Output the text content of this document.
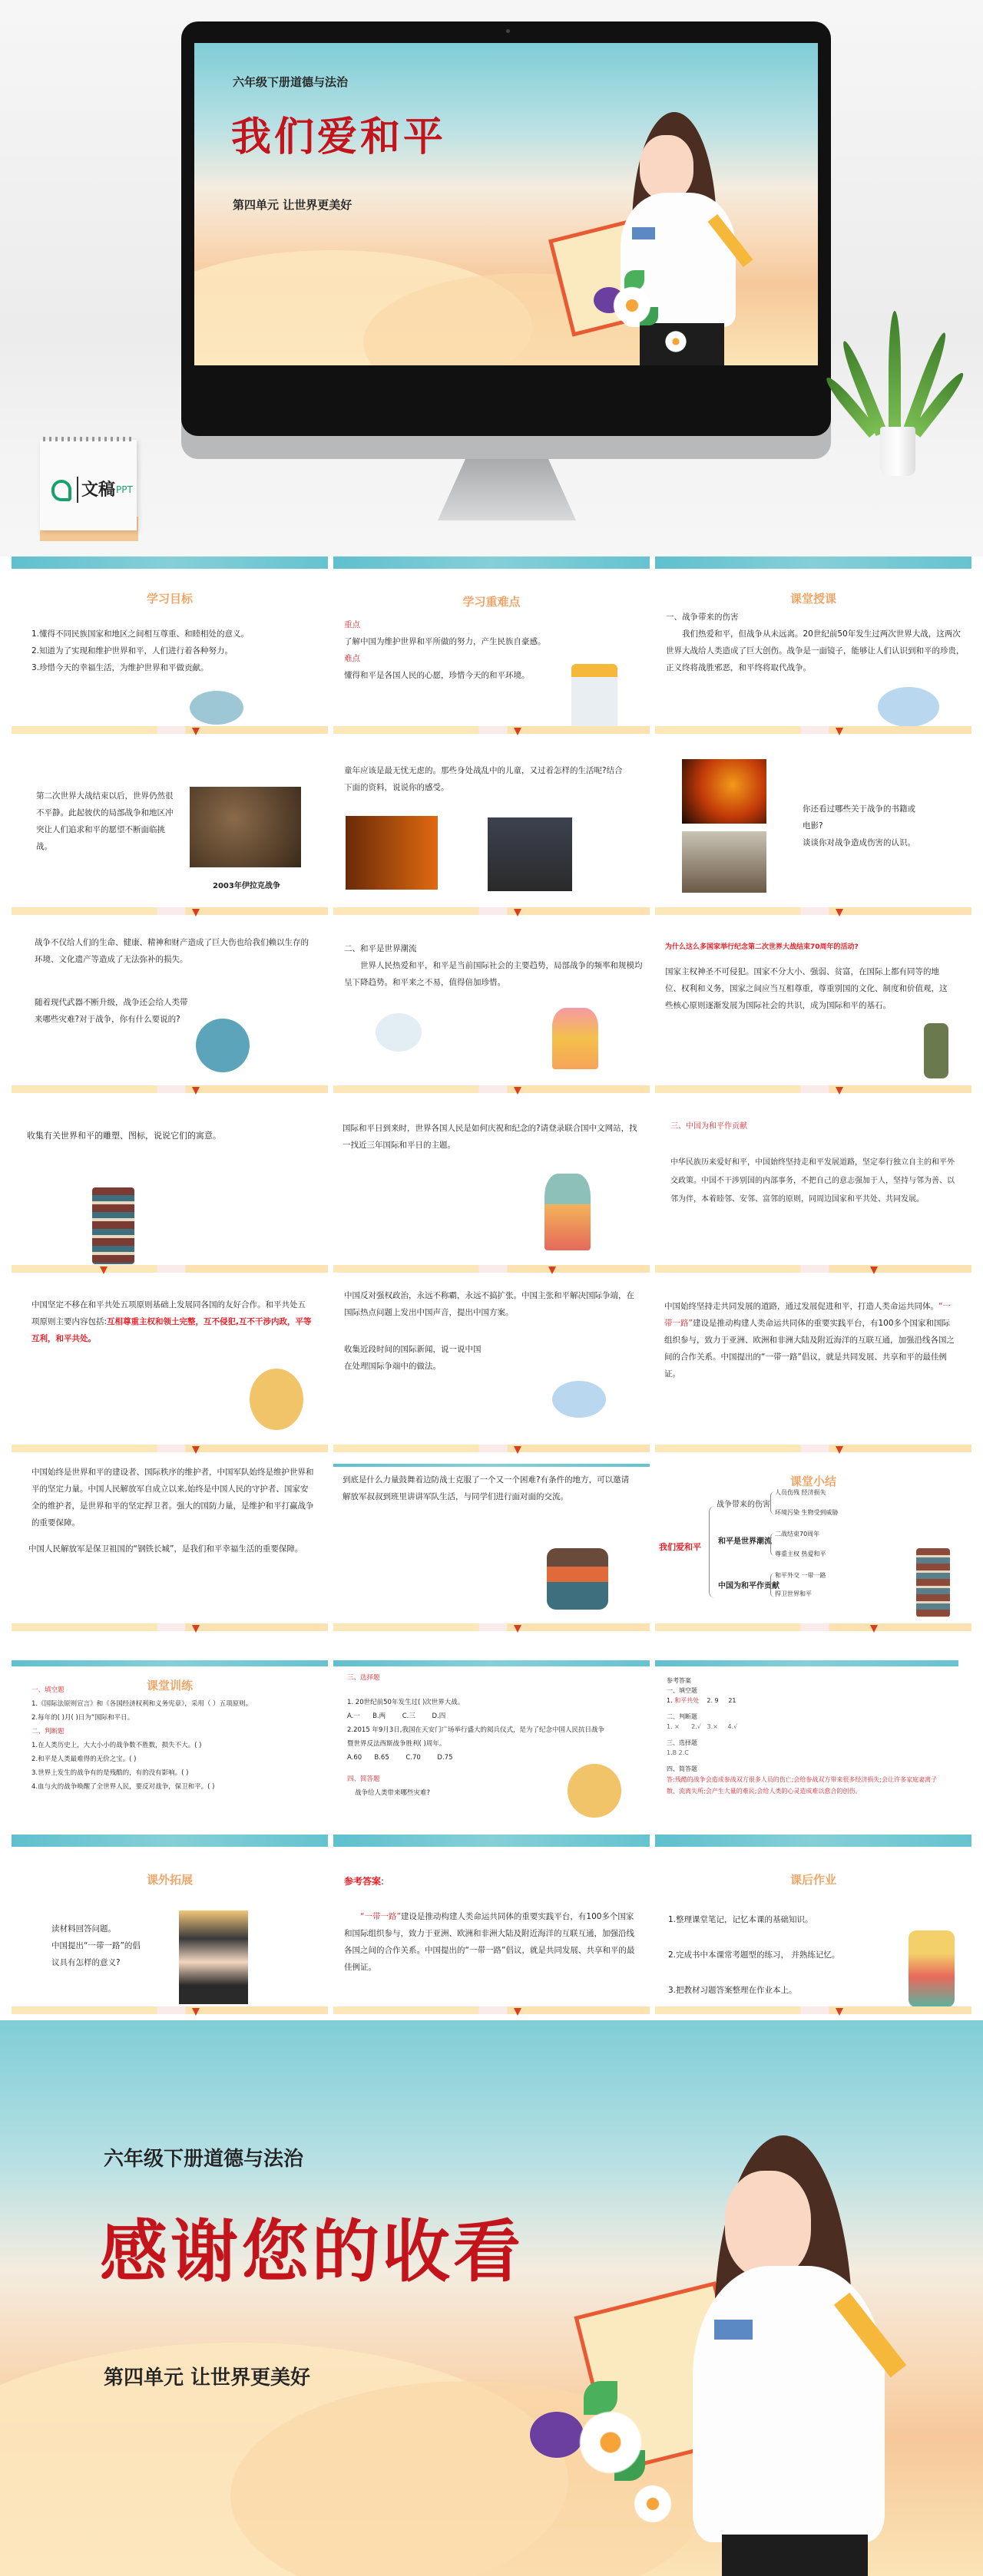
六年级下册道德与法治
我们爱和平
第四单元 让世界更美好
文稿 PPT
学习目标
1.懂得不同民族国家和地区之间相互尊重、和睦相处的意义。
2.知道为了实现和维护世界和平，人们进行着各种努力。
3.珍惜今天的幸福生活，为维护世界和平做贡献。
学习重难点
重点
了解中国为维护世界和平所做的努力，产生民族自豪感。
难点
懂得和平是各国人民的心愿，珍惜今天的和平环境。
课堂授课
一、战争带来的伤害
我们热爱和平，但战争从未远离。20世纪前50年发生过两次世界大战，这两次世界大战给人类造成了巨大创伤。战争是一面镜子，能够让人们认识到和平的珍贵，正义终将战胜邪恶，和平终将取代战争。
第二次世界大战结束以后，世界仍然很不平静。此起彼伏的局部战争和地区冲突让人们追求和平的愿望不断面临挑战。
2003年伊拉克战争
童年应该是最无忧无虑的。那些身处战乱中的儿童，又过着怎样的生活呢?结合下面的资料，说说你的感受。
你还看过哪些关于战争的书籍或电影?
谈谈你对战争造成伤害的认识。
战争不仅给人们的生命、健康、精神和财产造成了巨大伤也给我们赖以生存的环境、文化遗产等造成了无法弥补的损失。
随着现代武器不断升级，战争还会给人类带来哪些灾难?对于战争，你有什么要说的?
二、和平是世界潮流
世界人民热爱和平，和平是当前国际社会的主要趋势，局部战争的频率和规模均呈下降趋势。和平来之不易，值得倍加珍惜。
为什么这么多国家举行纪念第二次世界大战结束70周年的活动?
国家主权神圣不可侵犯。国家不分大小、强弱、贫富，在国际上都有同等的地位、权利和义务，国家之间应当互相尊重，尊重别国的文化、制度和价值观，这些核心原则逐渐发展为国际社会的共识，成为国际和平的基石。
收集有关世界和平的雕塑、图标，说说它们的寓意。
国际和平日到来时，世界各国人民是如何庆祝和纪念的?请登录联合国中文网站，找一找近三年国际和平日的主题。
三、中国为和平作贡献
中华民族历来爱好和平，中国始终坚持走和平发展道路，坚定奉行独立自主的和平外交政策。中国不干涉别国的内部事务，不把自己的意志强加于人，坚持与邻为善、以邻为伴，本着睦邻、安邻、富邻的原则，同周边国家和平共处、共同发展。
中国坚定不移在和平共处五项原则基础上发展同各国的友好合作。和平共处五项原则主要内容包括:互相尊重主权和领土完整，互不侵犯,互不干涉内政，平等互利，和平共处。
中国反对强权政治，永远不称霸，永远不搞扩张。中国主张和平解决国际争端，在国际热点问题上发出中国声音，提出中国方案。
收集近段时间的国际新闻，说一说中国在处理国际争端中的做法。
中国始终坚持走共同发展的道路，通过发展促进和平，打造人类命运共同体。“一带一路”建设是推动构建人类命运共同体的重要实践平台，有100多个国家和国际组织参与，致力于亚洲、欧洲和非洲大陆及附近海洋的互联互通，加强沿线各国之间的合作关系。中国提出的“一带一路”倡议，就是共同发展、共享和平的最佳例证。
中国始终是世界和平的建设者、国际秩序的维护者，中国军队始终是维护世界和平的坚定力量。中国人民解放军自成立以来,始终是中国人民的守护者、国家安全的维护者，是世界和平的坚定捍卫者。强大的国防力量，是维护和平打赢战争的重要保障。
中国人民解放军是保卫祖国的“钢铁长城”，是我们和平幸福生活的重要保障。
到底是什么力量鼓舞着边防战士克服了一个又一个困难?有条件的地方，可以邀请解放军叔叔到班里讲讲军队生活，与同学们进行面对面的交流。
课堂小结
我们爱和平
战争带来的伤害
人员伤残 经济损失
环境污染 生物受到威胁
和平是世界潮流
二战结束70周年
尊重主权 热爱和平
中国为和平作贡献
和平外交 一带一路
捍卫世界和平
课堂训练
一、填空题
1.《国际法原则宣言》和《各国经济权利和义务宪章》，采用（ ）五项原则。
2.每年的( )月( )日为”国际和平日。
二、判断题
1.在人类历史上，大大小小的战争数不胜数，损失不大。( )
2.和平是人类最难得的无价之宝。( )
3.世界上发生的战争有的是残酷的，有的没有影响。( )
4.血与火的战争唤醒了全世界人民，要反对战争，保卫和平。( )
三、选择题
1. 20世纪前50年发生过( )次世界大战。
A.一      B.两        C.三        D.四
2.2015 年9月3日,我国在天安门广场举行盛大的阅兵仪式，是为了纪念中国人民抗日战争暨世界反法西斯战争胜利( )周年。
A.60      B.65        C.70        D.75
四、简答题
战争给人类带来哪些灾难?
参考答案
一、填空题
1. 和平共处    2. 9     21
二、判断题
1. ×      2.√   3.×     4.√
三、选择题
1.B 2.C
四、简答题
答:残酷的战争会造成参战双方很多人员的伤亡;会给参战双方带来很多经济损失;会让许多家庭妻离子散、流离失所;会产生大量的难民;会给人类的心灵造成难以愈合的创伤。
课外拓展
读材料回答问题。
中国提出“一带一路”的倡
议具有怎样的意义?
参考答案:
“一带一路”建设是推动构建人类命运共同体的重要实践平台，有100多个国家和国际组织参与，致力于亚洲、欧洲和非洲大陆及附近海洋的互联互通，加强沿线各国之间的合作关系。中国提出的“一带一路”倡议，就是共同发展、共享和平的最佳例证。
课后作业
1.整理课堂笔记，记忆本课的基础知识。
2.完成书中本课常考题型的练习， 并熟练记忆。
3.把教材习题答案整理在作业本上。
六年级下册道德与法治
感谢您的收看
第四单元 让世界更美好
